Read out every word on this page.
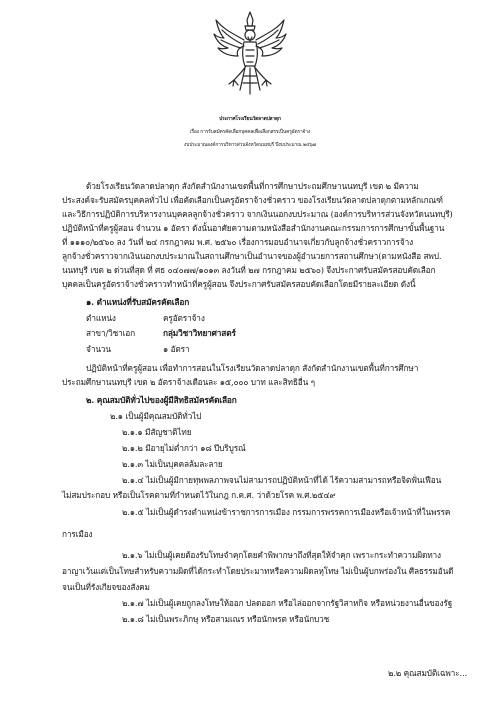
ประกาศโรงเรียนวัดลาดปลาดุก
เรื่อง การรับสมัครคัดเลือกบุคคลเพื่อเลือกสรรเป็นครูอัตราจ้าง
งบประมาณองค์การบริหารส่วนจังหวัดนนทบุรี ปีงบประมาณ ๒๕๖๗
ด้วยโรงเรียนวัดลาดปลาดุก สังกัดสำนักงานเขตพื้นที่การศึกษาประถมศึกษานนทบุรี เขต ๒ มีความ
ประสงค์จะรับสมัครบุคคลทั่วไป เพื่อคัดเลือกเป็นครูอัตราจ้างชั่วคราว ของโรงเรียนวัดลาดปลาดุกตามหลักเกณฑ์
และวิธีการปฏิบัติการบริหารงานบุคคลลูกจ้างชั่วคราว จากเงินนอกงบประมาณ (องค์การบริหารส่วนจังหวัดนนทบุรี)
ปฏิบัติหน้าที่ครูผู้สอน จำนวน ๑ อัตรา ดังนั้นอาศัยความตามหนังสือสำนักงานคณะกรรมการการศึกษาขั้นพื้นฐาน
ที่ ๑๑๑๐/๒๕๖๐ ลง วันที่ ๒๔ กรกฎาคม พ.ศ. ๒๕๖๐ เรื่องการมอบอำนาจเกี่ยวกับลูกจ้างชั่วคราวการจ้าง
ลูกจ้างชั่วคราวจากเงินนอกงบประมาณในสถานศึกษาเป็นอำนาจของผู้อำนวยการสถานศึกษา(ตามหนังสือ สพป.
นนทบุรี เขต ๒ ด่วนที่สุด ที่ ศธ ๐๔๐๗๗/๑๐๑๓ ลงวันที่ ๒๗ กรกฎาคม ๒๕๖๐) จึงประกาศรับสมัครสอบคัดเลือก
บุคคลเป็นครูอัตราจ้างชั่วคราวทำหน้าที่ครูผู้สอน จึงประกาศรับสมัครสอบคัดเลือกโดยมีรายละเอียด ดังนี้
๑. ตำแหน่งที่รับสมัครคัดเลือก
ตำแหน่ง	ครูอัตราจ้าง
สาขา/วิชาเอก	กลุ่มวิชาวิทยาศาสตร์
จำนวน	๑ อัตรา
ปฏิบัติหน้าที่ครูผู้สอน เพื่อทำการสอนในโรงเรียนวัดลาดปลาดุก สังกัดสำนักงานเขตพื้นที่การศึกษา
ประถมศึกษานนทบุรี เขต ๒ อัตราจ้างเดือนละ ๑๕,๐๐๐ บาท และสิทธิอื่น ๆ
๒. คุณสมบัติทั่วไปของผู้มีสิทธิสมัครคัดเลือก
๒.๑ เป็นผู้มีคุณสมบัติทั่วไป
๒.๑.๑ มีสัญชาติไทย
๒.๑.๒ มีอายุไม่ต่ำกว่า ๑๘ ปีบริบูรณ์
๒.๑.๓ ไม่เป็นบุคคลล้มละลาย
๒.๑.๔ ไม่เป็นผู้มีกายทุพพลภาพจนไม่สามารถปฏิบัติหน้าที่ได้ ไร้ความสามารถหรือจิตฟั่นเฟือน
ไม่สมประกอบ หรือเป็นโรคตามที่กำหนดไว้ในกฎ ก.ค.ศ. ว่าด้วยโรค พ.ศ.๒๕๔๙
๒.๑.๕ ไม่เป็นผู้ดำรงตำแหน่งข้าราชการการเมือง กรรมการพรรคการเมืองหรือเจ้าหน้าที่ในพรรค
การเมือง
๒.๑.๖ ไม่เป็นผู้เคยต้องรับโทษจำคุกโดยคำพิพากษาถึงที่สุดให้จำคุก เพราะกระทำความผิดทาง
อาญาเว้นแต่เป็นโทษสำหรับความผิดที่ได้กระทำโดยประมาทหรือความผิดลหุโทษ ไม่เป็นผู้บกพร่องใน ศีลธรรมอันดี
จนเป็นที่รังเกียจของสังคม
๒.๑.๗ ไม่เป็นผู้เคยถูกลงโทษให้ออก ปลดออก หรือไล่ออกจากรัฐวิสาหกิจ หรือหน่วยงานอื่นของรัฐ
๒.๑.๘ ไม่เป็นพระภิกษุ หรือสามเณร หรือนักพรต หรือนักบวช
๒.๒ คุณสมบัติเฉพาะ...
